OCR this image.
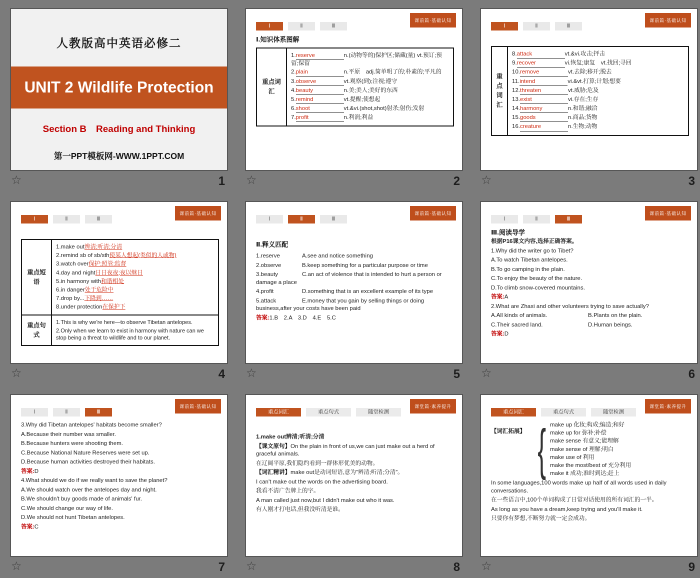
人教版高中英语必修二
UNIT 2 Wildlife Protection
Section B　Reading and Thinking
第一PPT模板网-WWW.1PPT.COM
☆	1
课前篇·基础认知
Ⅰ	Ⅱ	Ⅲ
Ⅰ.知识体系图解
重点词汇

1.reserve	n.(动物等的)保护区;储藏(量) vt.预订;预留;保留

2.plain	n.平原　adj.简单明了的;朴素的;平凡的

3.observe vt.观察(到);注视;遵守

4.beauty	n.美;美人;美好的东西

5.remind	vt.提醒;使想起

6.shoot	vt.&vi.(shot,shot)射杀;射伤;发射

7.profit	n.利润;利益

☆	2
课前篇·基础认知
Ⅰ	Ⅱ	Ⅲ
重点词汇

8.attack	vt.&vi.攻击;抨击

9.recover	vi.恢复;康复　vt.找回;寻回

10.remove	vt.去除;移开;脱去

11.intend	vi.&vt.打算;计划;想要

12.threaten vt.威胁;危及

13.exist	vi.存在;生存

14.harmony n.和谐;融洽

15.goods	n.商品;货物

16.creature n.生物;动物

☆	3
课前篇·基础认知
Ⅰ	Ⅱ	Ⅲ
重点短语

1.make out辨清;听清;分清

2.remind sb of sb/sth使某人想起(类似的人或物)

3.watch over保护;照管;监督

4.day and night日日夜夜;夜以继日

5.in harmony with和谐相处

6.in danger处于危险中

7.drop by...下降到……

8.under protection在保护下

重点句式

1.This is why we're here—to observe Tibetan antelopes.

2.Only when we learn to exist in harmony with nature can we stop being a threat to wildlife and to our planet.

☆	4
课前篇·基础认知
Ⅰ	Ⅱ	Ⅲ
Ⅱ.释义匹配

1.reserve A.see and notice something

2.observe B.keep something for a particular purpose or time

3.beauty C.an act of violence that is intended to hurt a person or damage a place

4.profit D.something that is an excellent example of its type

5.attack E.money that you gain by selling things or doing business,after your costs have been paid

答案:1.B　2.A　3.D　4.E　5.C

☆	5
课前篇·基础认知
Ⅰ	Ⅱ	Ⅲ
Ⅲ.阅读导学

根据P16课文内容,选择正确答案。

1.Why did the writer go to Tibet?

A.To watch Tibetan antelopes.

B.To go camping in the plain.

C.To enjoy the beauty of the nature.

D.To climb snow-covered mountains.

答案:A

2.What are Zhaxi and other volunteers trying to save actually?

A.All kinds of animals.	B.Plants on the plain.

C.Their sacred land.	D.Human beings.

答案:D

☆	6
课前篇·基础认知
Ⅰ	Ⅱ	Ⅲ

3.Why did Tibetan antelopes' habitats become smaller?

A.Because their number was smaller.

B.Because hunters were shooting them.

C.Because National Nature Reserves were set up.

D.Because human activities destroyed their habitats.

答案:D

4.What should we do if we really want to save the planet?

A.We should watch over the antelopes day and night.

B.We shouldn't buy goods made of animals' fur.

C.We should change our way of life.

D.We should not hunt Tibetan antelopes.

答案:C

☆	7
课堂篇·素养提升
重点词汇	重点句式	随堂检测

1.make out辨清;听清;分清

【课文原句】On the plain in front of us,we can just make out a herd of graceful animals.

在辽阔平原,我们隐约看到一群体形优美的动物。

【词汇精讲】make out是动词短语,意为“辨清;听清;分清”。

I can't make out the words on the advertising board.

我看不清广告牌上的字。

A man called just now,but I didn't make out who it was.

有人刚才打电话,但我没听清是谁。

☆	8
课堂篇·素养提升
重点词汇	重点句式	随堂检测
【词汇拓展】 { make up 化妆;构成;编造;和好
make up for 弥补;补偿
make sense 有意义;能理解
make sense of 理解;明白
make use of 利用
make the most/best of 充分利用
make it 成功;准时到达;赶上

In some languages,100 words make up half of all words used in daily conversations.

在一些语言中,100个单词构成了日常对话使用的所有词汇的一半。

As long as you have a dream,keep trying and you'll make it.

只要你有梦想,不断努力就一定会成功。

☆	9
